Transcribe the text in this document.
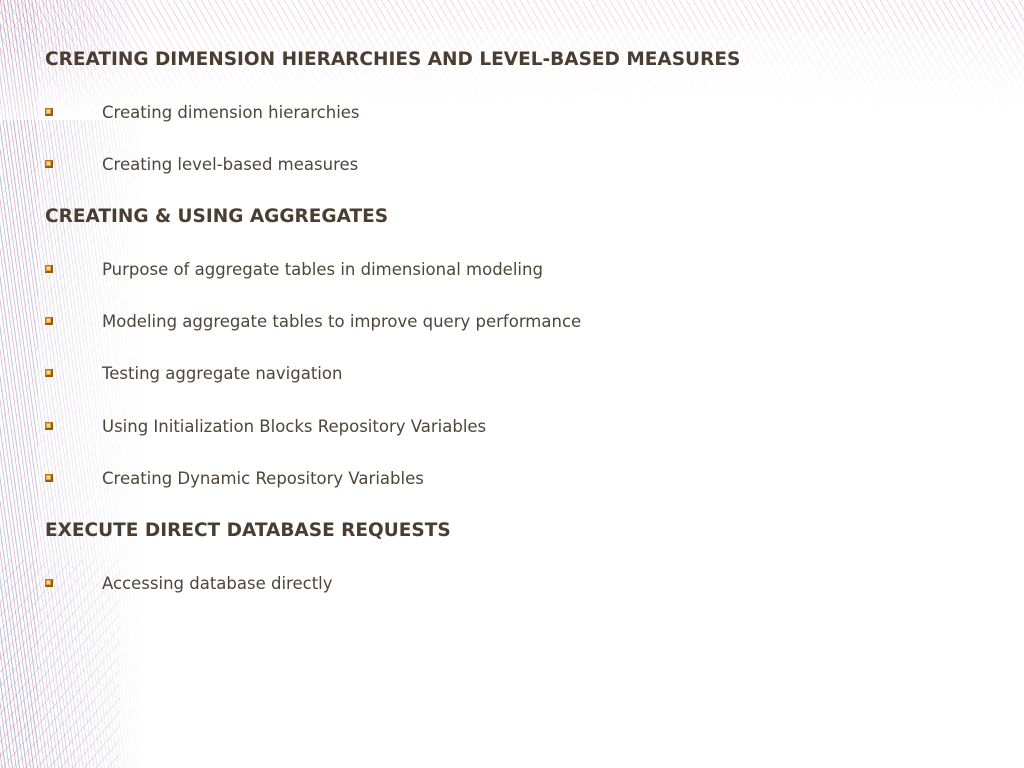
CREATING DIMENSION HIERARCHIES AND LEVEL-BASED MEASURES
Creating dimension hierarchies
Creating level-based measures
CREATING & USING AGGREGATES
Purpose of aggregate tables in dimensional modeling
Modeling aggregate tables to improve query performance
Testing aggregate navigation
Using Initialization Blocks Repository Variables
Creating Dynamic Repository Variables
EXECUTE DIRECT DATABASE REQUESTS
Accessing database directly
